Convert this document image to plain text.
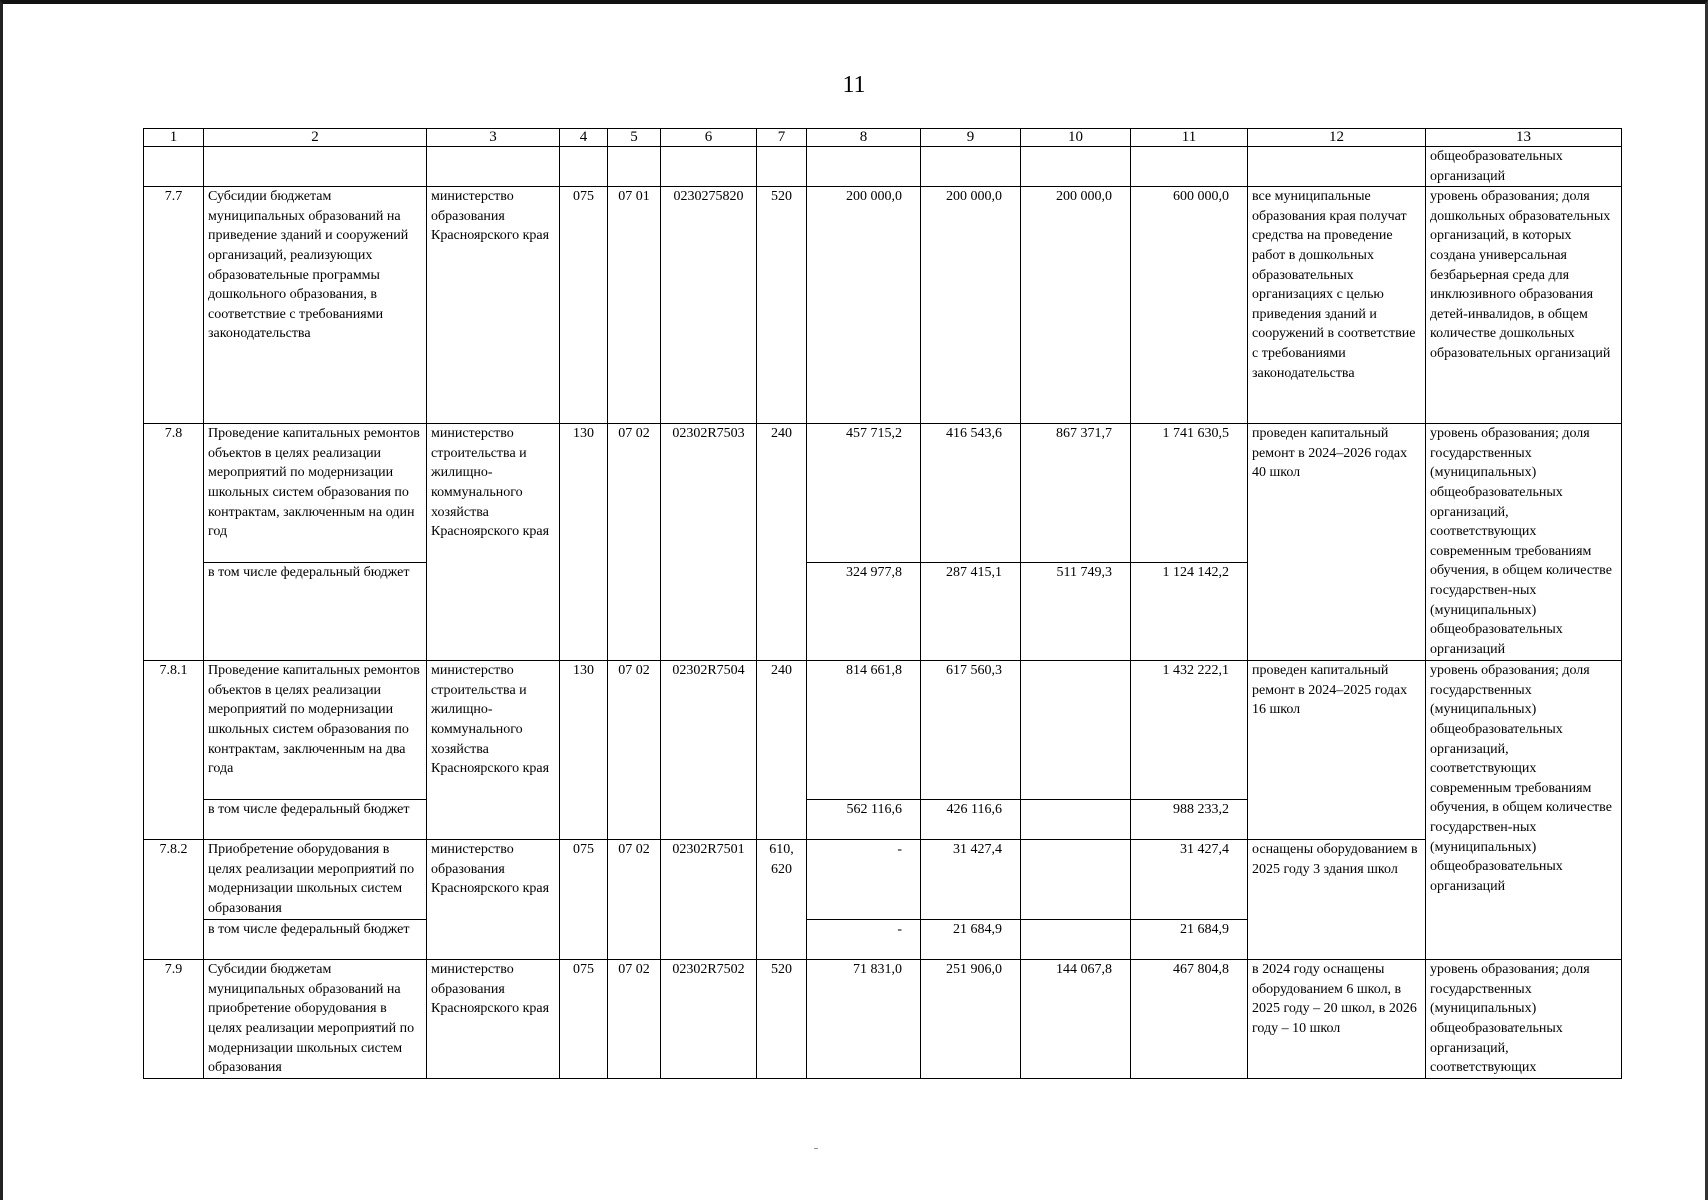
11
1	2	3	4	5	6	7	8	9	10	11	12	13
												общеобразовательных организаций
7.7	Субсидии бюджетам муниципальных образований на приведение зданий и сооружений организаций, реализующих образовательные программы дошкольного образования, в соответствие с требованиями законодательства	министерство образования Красноярского края	075	07 01	0230275820	520	200 000,0	200 000,0	200 000,0	600 000,0	все муниципальные образования края получат средства на проведение работ в дошкольных образовательных организациях с целью приведения зданий и сооружений в соответствие с требованиями законодательства	уровень образования; доля дошкольных образовательных организаций, в которых создана универсальная безбарьерная среда для инклюзивного образования детей-инвалидов, в общем количестве дошкольных образовательных организаций
7.8	Проведение капитальных ремонтов объектов в целях реализации мероприятий по модернизации школьных систем образования по контрактам, заключенным на один год	министерство строительства и жилищно-коммунального хозяйства Красноярского края	130	07 02	02302R7503	240	457 715,2	416 543,6	867 371,7	1 741 630,5	проведен капитальный ремонт в 2024–2026 годах 40 школ	уровень образования; доля государственных (муниципальных) общеобразовательных организаций, соответствующих современным требованиям обучения, в общем количестве государствен-ных (муниципальных) общеобразовательных организаций
	в том числе федеральный бюджет						324 977,8	287 415,1	511 749,3	1 124 142,2		
7.8.1	Проведение капитальных ремонтов объектов в целях реализации мероприятий по модернизации школьных систем образования по контрактам, заключенным на два года	министерство строительства и жилищно-коммунального хозяйства Красноярского края	130	07 02	02302R7504	240	814 661,8	617 560,3		1 432 222,1	проведен капитальный ремонт в 2024–2025 годах 16 школ	уровень образования; доля государственных (муниципальных) общеобразовательных организаций, соответствующих современным требованиям обучения, в общем количестве государствен-ных (муниципальных) общеобразовательных организаций
	в том числе федеральный бюджет						562 116,6	426 116,6		988 233,2		
7.8.2	Приобретение оборудования в целях реализации мероприятий по модернизации школьных систем образования	министерство образования Красноярского края	075	07 02	02302R7501	610, 620	-	31 427,4		31 427,4	оснащены оборудованием в 2025 году 3 здания школ	
	в том числе федеральный бюджет						-	21 684,9		21 684,9		
7.9	Субсидии бюджетам муниципальных образований на приобретение оборудования в целях реализации мероприятий по модернизации школьных систем образования	министерство образования Красноярского края	075	07 02	02302R7502	520	71 831,0	251 906,0	144 067,8	467 804,8	в 2024 году оснащены оборудованием 6 школ, в 2025 году – 20 школ, в 2026 году – 10 школ	уровень образования; доля государственных (муниципальных) общеобразовательных организаций, соответствующих
